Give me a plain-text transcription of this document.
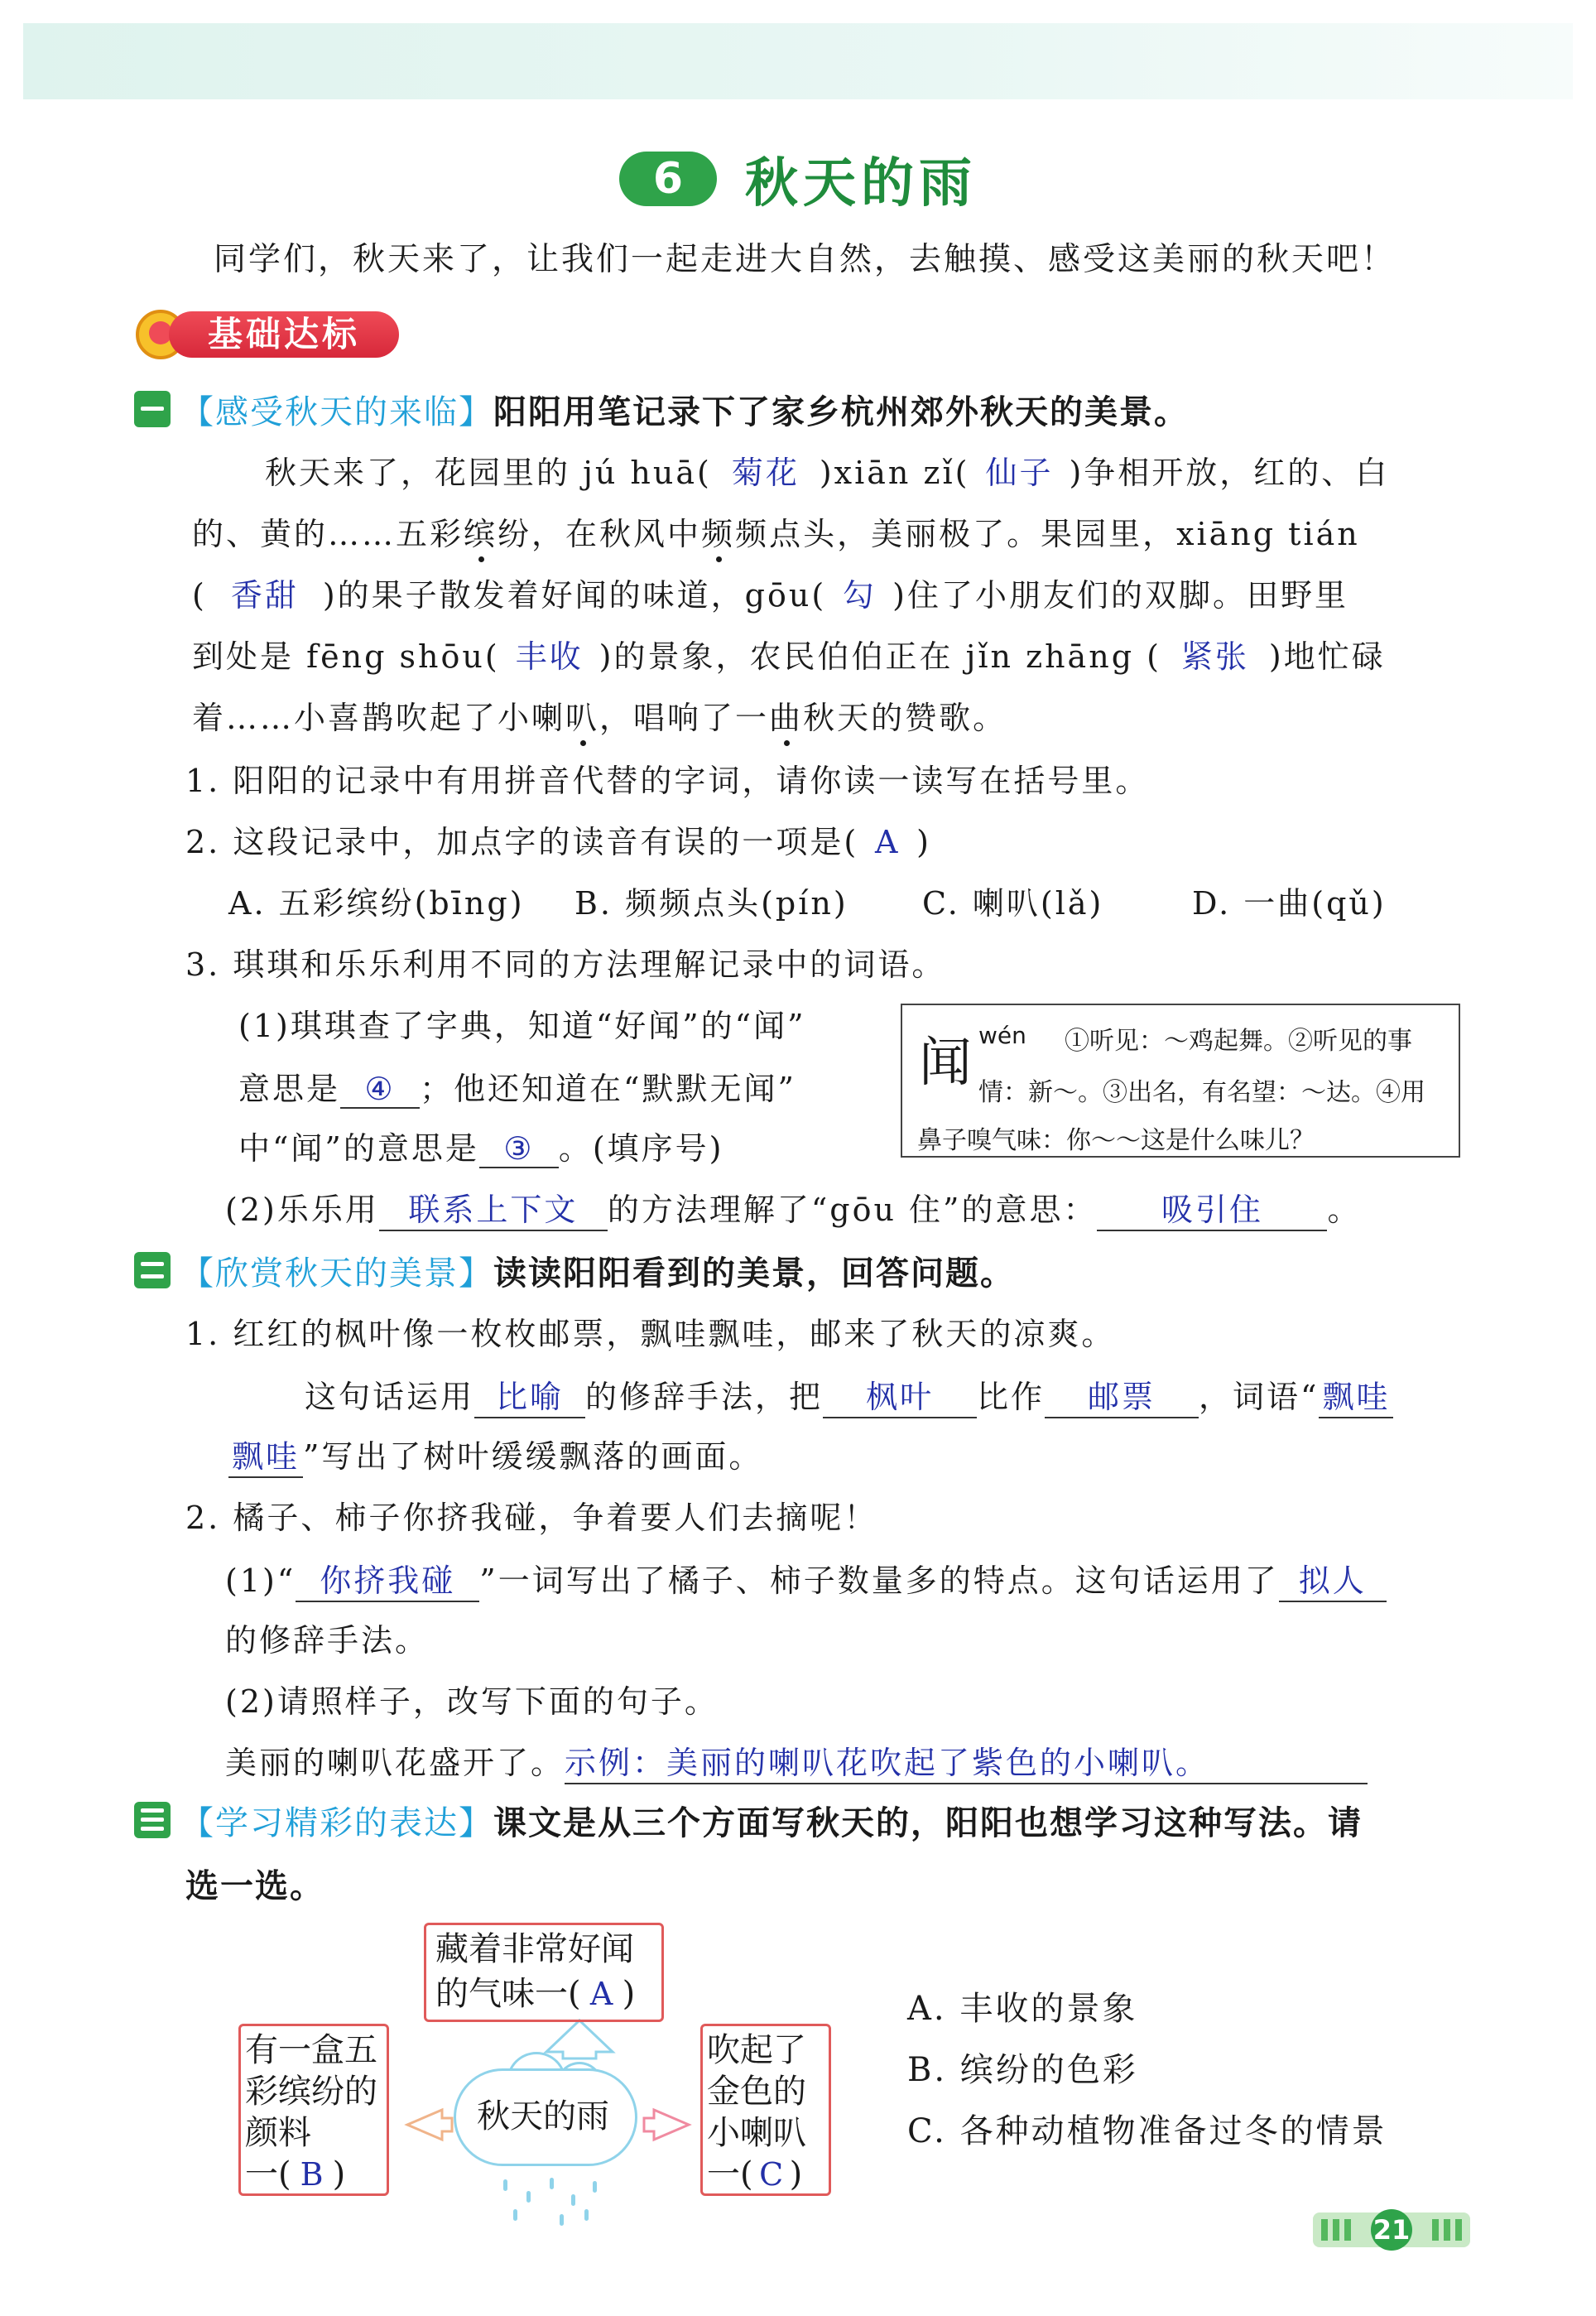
6 秋天的雨
同学们，秋天来了，让我们一起走进大自然，去触摸、感受这美丽的秋天吧！
基础达标
【感受秋天的来临】阳阳用笔记录下了家乡杭州郊外秋天的美景。
秋天来了，花园里的 jú huā( 菊花 )xiān zǐ( 仙子 )争相开放，红的、白
的、黄的……五彩缤纷，在秋风中频频点头，美丽极了。果园里，xiāng tián
( 香甜 )的果子散发着好闻的味道，gōu( 勾 )住了小朋友们的双脚。田野里
到处是 fēng shōu( 丰收 )的景象，农民伯伯正在 jǐn zhāng ( 紧张 )地忙碌
着……小喜鹊吹起了小喇叭，唱响了一曲秋天的赞歌。
1. 阳阳的记录中有用拼音代替的字词，请你读一读写在括号里。
2. 这段记录中，加点字的读音有误的一项是( A )
A. 五彩缤纷(bīng) B. 频频点头(pín) C. 喇叭(lǎ)	D. 一曲(qǔ)
3. 琪琪和乐乐利用不同的方法理解记录中的词语。
(1)琪琪查了字典，知道“好闻”的“闻”
意思是 ④ ；他还知道在“默默无闻”
中“闻”的意思是 ③ 。(填序号)
闻 wén ①听见：～鸡起舞。②听见的事
情：新～。③出名，有名望：～达。④用
鼻子嗅气味：你～～这是什么味儿？
(2)乐乐用 联系上下文 的方法理解了“gōu 住”的意思： 吸引住 。
【欣赏秋天的美景】读读阳阳看到的美景，回答问题。
1. 红红的枫叶像一枚枚邮票，飘哇飘哇，邮来了秋天的凉爽。
这句话运用 比喻 的修辞手法，把 枫叶 比作 邮票 ，词语“ 飘哇
飘哇 ”写出了树叶缓缓飘落的画面。
2. 橘子、柿子你挤我碰，争着要人们去摘呢！
(1)“ 你挤我碰 ”一词写出了橘子、柿子数量多的特点。这句话运用了 拟人
的修辞手法。
(2)请照样子，改写下面的句子。
美丽的喇叭花盛开了。示例：美丽的喇叭花吹起了紫色的小喇叭。
【学习精彩的表达】课文是从三个方面写秋天的，阳阳也想学习这种写法。请
选一选。
藏着非常好闻
的气味一( A )
有一盒五
彩缤纷的
颜料
一( B )
吹起了
金色的
小喇叭
一( C )
秋天的雨
A. 丰收的景象
B. 缤纷的色彩
C. 各种动植物准备过冬的情景
21
